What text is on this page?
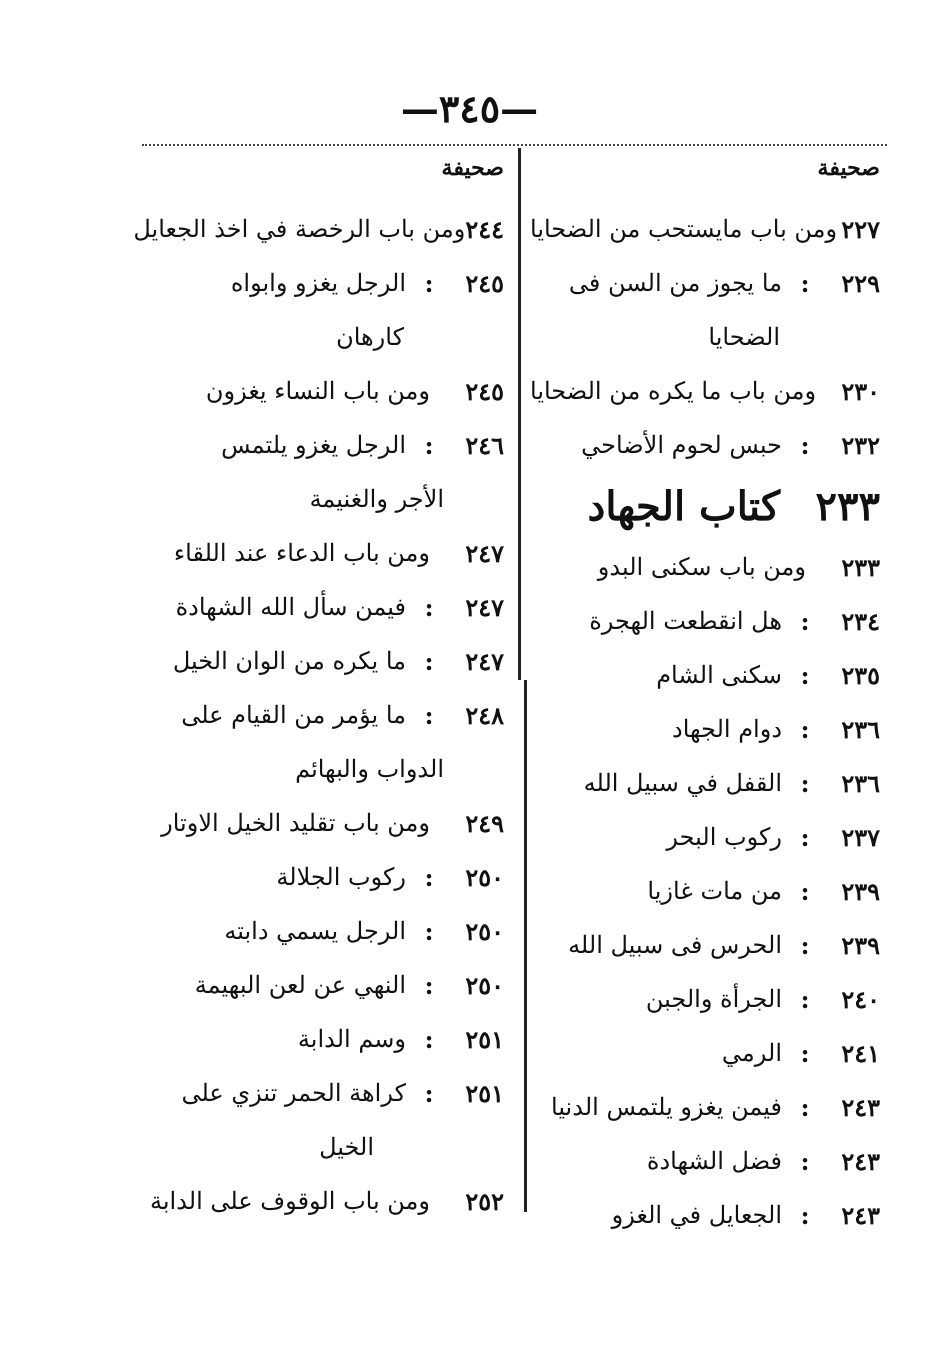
—٣٤٥—
صحيفة
٢٢٧
ومن باب مايستحب من الضحايا
٢٢٩
:
ما يجوز من السن فى
الضحايا
٢٣٠
ومن باب ما يكره من الضحايا
٢٣٢
:
حبس لحوم الأضاحي
٢٣٣
كتاب الجهاد
٢٣٣
ومن باب سكنى البدو
٢٣٤
:
هل انقطعت الهجرة
٢٣٥
:
سكنى الشام
٢٣٦
:
دوام الجهاد
٢٣٦
:
القفل في سبيل الله
٢٣٧
:
ركوب البحر
٢٣٩
:
من مات غازيا
٢٣٩
:
الحرس فى سبيل الله
٢٤٠
:
الجرأة والجبن
٢٤١
:
الرمي
٢٤٣
:
فيمن يغزو يلتمس الدنيا
٢٤٣
:
فضل الشهادة
٢٤٣
:
الجعايل في الغزو
صحيفة
٢٤٤
ومن باب الرخصة في اخذ الجعايل
٢٤٥
:
الرجل يغزو وابواه
كارهان
٢٤٥
ومن باب النساء يغزون
٢٤٦
:
الرجل يغزو يلتمس
الأجر والغنيمة
٢٤٧
ومن باب الدعاء عند اللقاء
٢٤٧
:
فيمن سأل الله الشهادة
٢٤٧
:
ما يكره من الوان الخيل
٢٤٨
:
ما يؤمر من القيام على
الدواب والبهائم
٢٤٩
ومن باب تقليد الخيل الاوتار
٢٥٠
:
ركوب الجلالة
٢٥٠
:
الرجل يسمي دابته
٢٥٠
:
النهي عن لعن البهيمة
٢٥١
:
وسم الدابة
٢٥١
:
كراهة الحمر تنزي على
الخيل
٢٥٢
ومن باب الوقوف على الدابة
